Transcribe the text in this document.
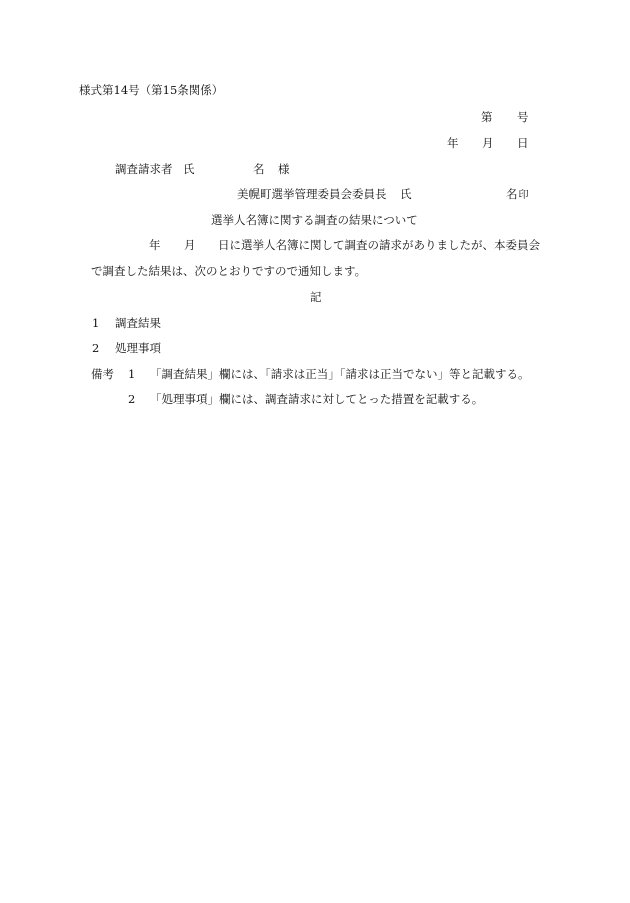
様式第14号（第15条関係）
第 号
年 月 日
調査請求者 氏	名 様
美幌町選挙管理委員会委員長 氏	名印
選挙人名簿に関する調査の結果について
年 月 日に選挙人名簿に関して調査の請求がありましたが、本委員会
で調査した結果は、次のとおりですので通知します。
記
1 調査結果
2 処理事項
備考 1 「調査結果」欄には、「請求は正当」「請求は正当でない」等と記載する。
2 「処理事項」欄には、調査請求に対してとった措置を記載する。
